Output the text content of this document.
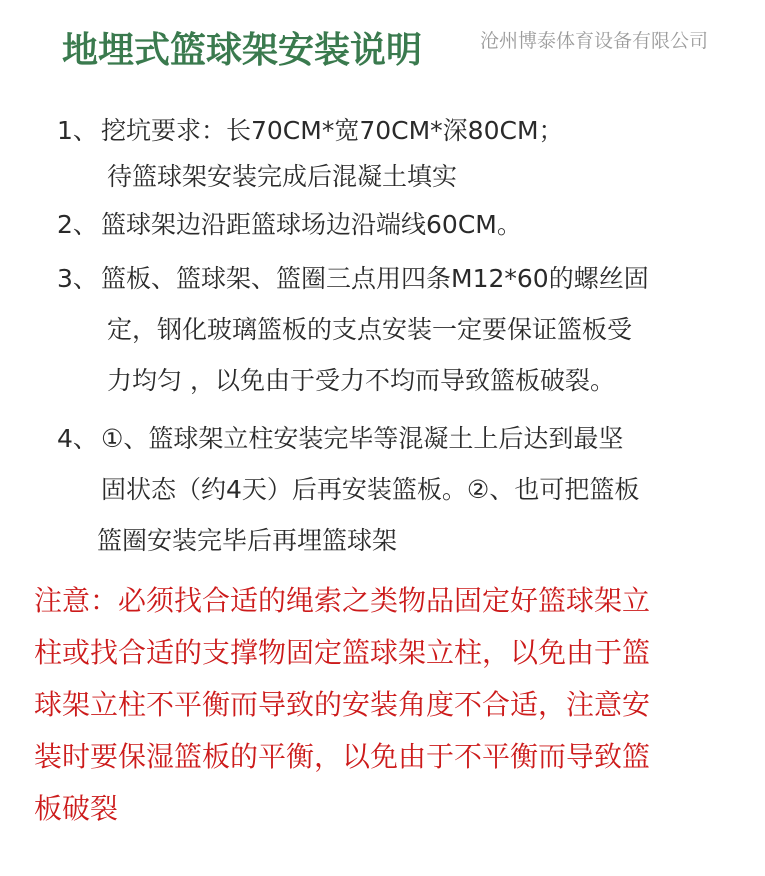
地埋式篮球架安装说明	沧州博泰体育设备有限公司
1、 挖坑要求：长70CM*宽70CM*深80CM；
待篮球架安装完成后混凝土填实
2、 篮球架边沿距篮球场边沿端线60CM。
3、 篮板、篮球架、篮圈三点用四条M12*60的螺丝固
定，钢化玻璃篮板的支点安装一定要保证篮板受
力均匀 ，以免由于受力不均而导致篮板破裂。
4、 ①、篮球架立柱安装完毕等混凝土上后达到最坚
固状态（约4天）后再安装篮板。②、也可把篮板
篮圈安装完毕后再埋篮球架
注意：必须找合适的绳索之类物品固定好篮球架立
柱或找合适的支撑物固定篮球架立柱，以免由于篮
球架立柱不平衡而导致的安装角度不合适，注意安
装时要保湿篮板的平衡，以免由于不平衡而导致篮
板破裂
